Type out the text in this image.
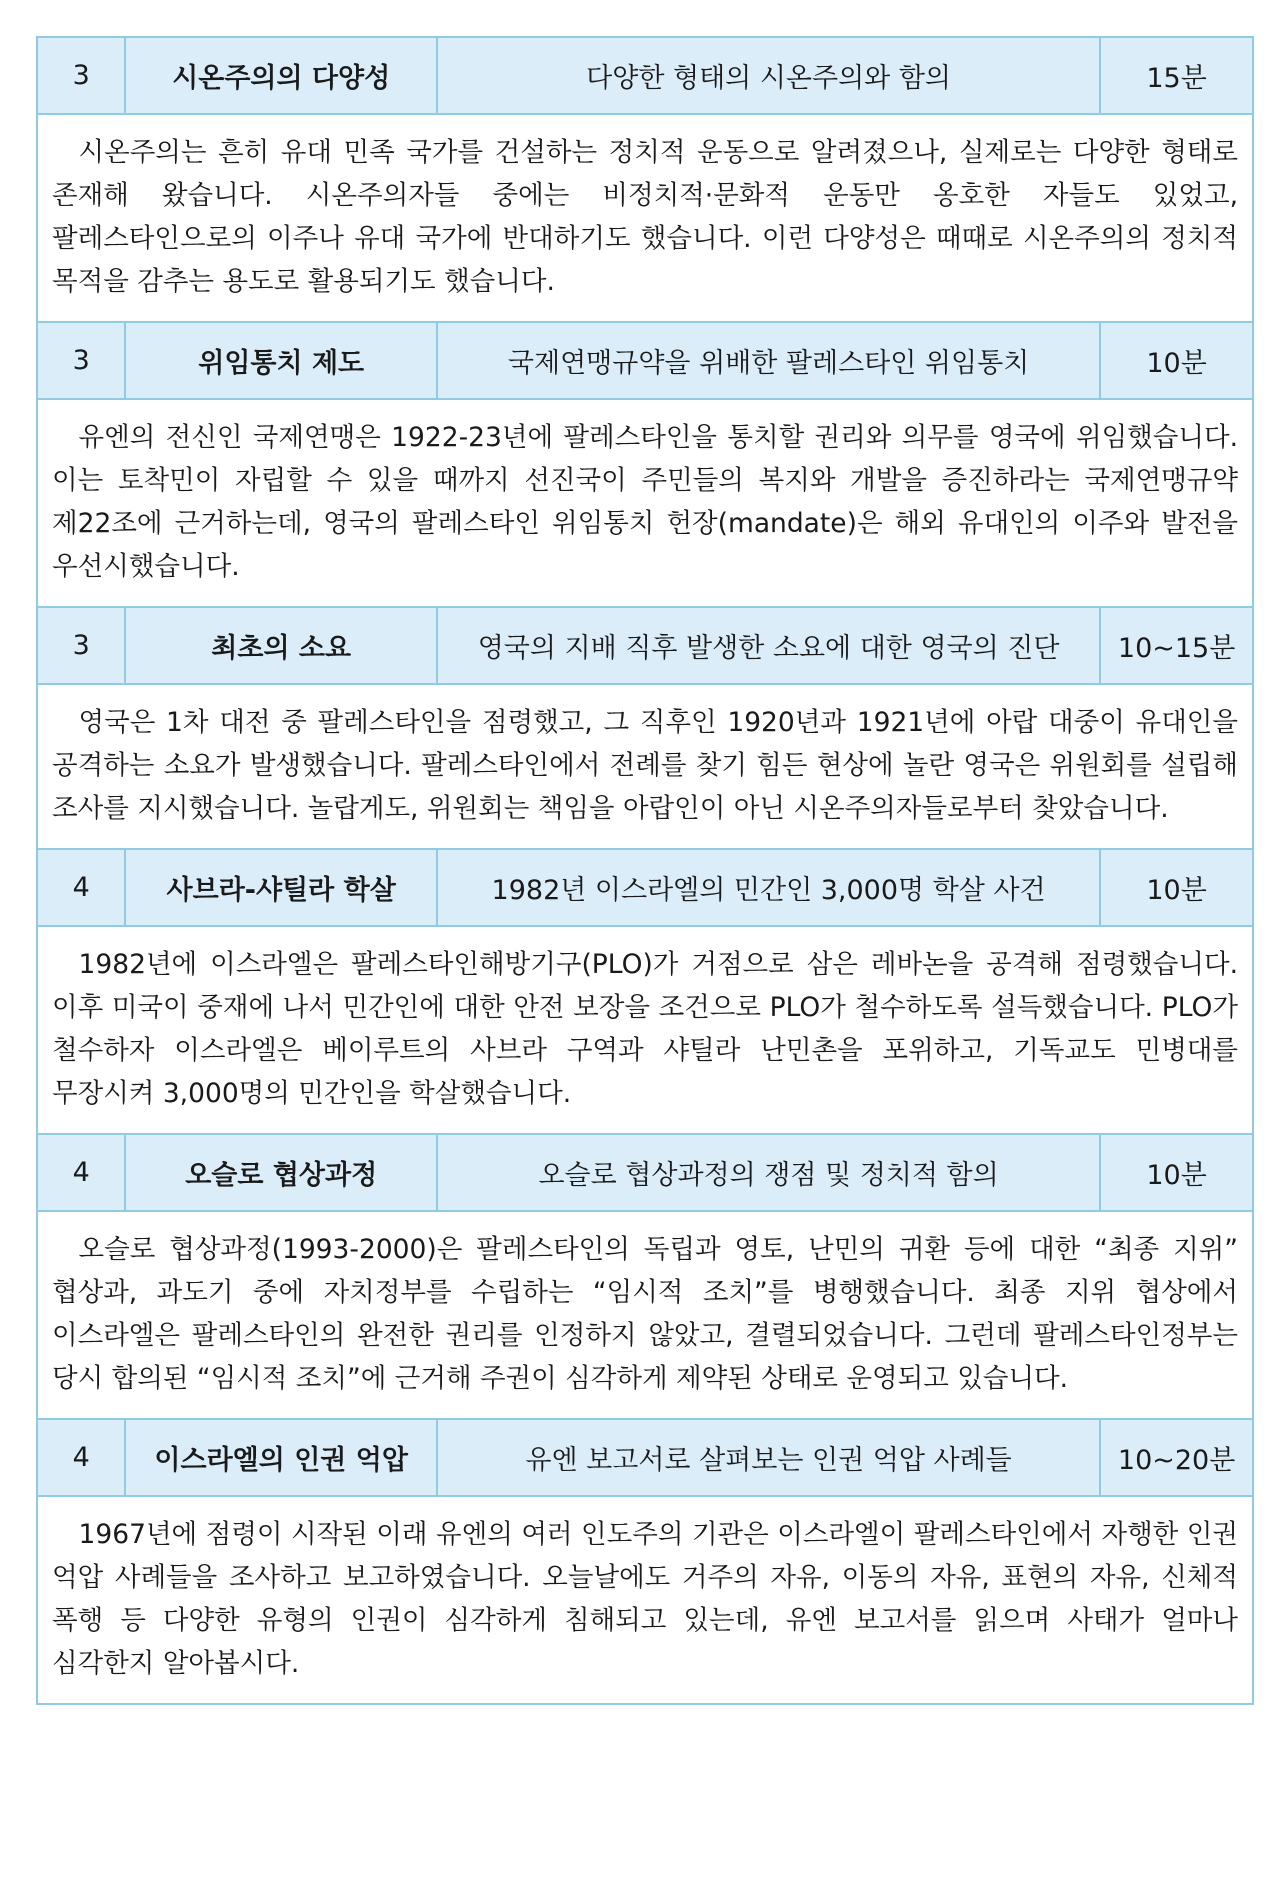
3	시온주의의 다양성	다양한 형태의 시온주의와 함의	15분

시온주의는 흔히 유대 민족 국가를 건설하는 정치적 운동으로 알려졌으나, 실제로는 다양한 형태로 존재해 왔습니다. 시온주의자들 중에는 비정치적·문화적 운동만 옹호한 자들도 있었고, 팔레스타인으로의 이주나 유대 국가에 반대하기도 했습니다. 이런 다양성은 때때로 시온주의의 정치적 목적을 감추는 용도로 활용되기도 했습니다.			

3	위임통치 제도	국제연맹규약을 위배한 팔레스타인 위임통치	10분

유엔의 전신인 국제연맹은 1922-23년에 팔레스타인을 통치할 권리와 의무를 영국에 위임했습니다. 이는 토착민이 자립할 수 있을 때까지 선진국이 주민들의 복지와 개발을 증진하라는 국제연맹규약 제22조에 근거하는데, 영국의 팔레스타인 위임통치 헌장(mandate)은 해외 유대인의 이주와 발전을 우선시했습니다.			

3	최초의 소요	영국의 지배 직후 발생한 소요에 대한 영국의 진단	10~15분

영국은 1차 대전 중 팔레스타인을 점령했고, 그 직후인 1920년과 1921년에 아랍 대중이 유대인을 공격하는 소요가 발생했습니다. 팔레스타인에서 전례를 찾기 힘든 현상에 놀란 영국은 위원회를 설립해 조사를 지시했습니다. 놀랍게도, 위원회는 책임을 아랍인이 아닌 시온주의자들로부터 찾았습니다.			

4	사브라-샤틸라 학살	1982년 이스라엘의 민간인 3,000명 학살 사건	10분

1982년에 이스라엘은 팔레스타인해방기구(PLO)가 거점으로 삼은 레바논을 공격해 점령했습니다. 이후 미국이 중재에 나서 민간인에 대한 안전 보장을 조건으로 PLO가 철수하도록 설득했습니다. PLO가 철수하자 이스라엘은 베이루트의 사브라 구역과 샤틸라 난민촌을 포위하고, 기독교도 민병대를 무장시켜 3,000명의 민간인을 학살했습니다.			

4	오슬로 협상과정	오슬로 협상과정의 쟁점 및 정치적 함의	10분

오슬로 협상과정(1993-2000)은 팔레스타인의 독립과 영토, 난민의 귀환 등에 대한 “최종 지위” 협상과, 과도기 중에 자치정부를 수립하는 “임시적 조치”를 병행했습니다. 최종 지위 협상에서 이스라엘은 팔레스타인의 완전한 권리를 인정하지 않았고, 결렬되었습니다. 그런데 팔레스타인정부는 당시 합의된 “임시적 조치”에 근거해 주권이 심각하게 제약된 상태로 운영되고 있습니다.			

4	이스라엘의 인권 억압	유엔 보고서로 살펴보는 인권 억압 사례들	10~20분

1967년에 점령이 시작된 이래 유엔의 여러 인도주의 기관은 이스라엘이 팔레스타인에서 자행한 인권 억압 사례들을 조사하고 보고하였습니다. 오늘날에도 거주의 자유, 이동의 자유, 표현의 자유, 신체적 폭행 등 다양한 유형의 인권이 심각하게 침해되고 있는데, 유엔 보고서를 읽으며 사태가 얼마나 심각한지 알아봅시다.			
